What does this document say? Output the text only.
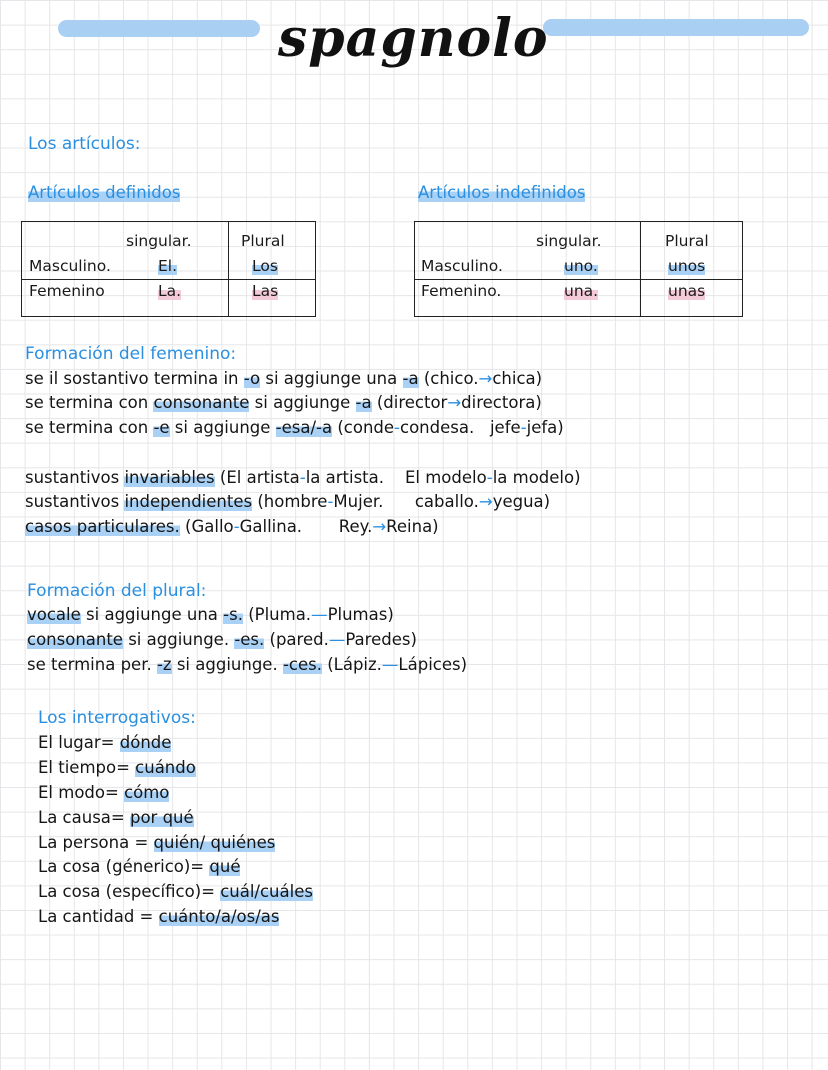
spagnolo
Los artículos:
Artículos definidos
singular.	Plural
Masculino.	El.	Los
Femenino	La.	Las
Artículos indefinidos
singular.	Plural
Masculino.	uno.	unos
Femenino.	una.	unas
Formación del femenino:
se il sostantivo termina in -o si aggiunge una -a (chico.→chica)
se termina con consonante si aggiunge -a (director→directora)
se termina con -e si aggiunge -esa/-a (conde‑condesa. jefe‑jefa)
sustantivos invariables (El artista‑la artista. El modelo‑la modelo)
sustantivos independientes (hombre‑Mujer. caballo.→yegua)
casos particulares. (Gallo‑Gallina. Rey.→Reina)
Formación del plural:
vocale si aggiunge una -s. (Pluma.—Plumas)
consonante si aggiunge. -es. (pared.—Paredes)
se termina per. -z si aggiunge. -ces. (Lápiz.—Lápices)
Los interrogativos:
El lugar= dónde
El tiempo= cuándo
El modo= cómo
La causa= por qué
La persona = quién/ quiénes
La cosa (génerico)= qué
La cosa (específico)= cuál/cuáles
La cantidad = cuánto/a/os/as
